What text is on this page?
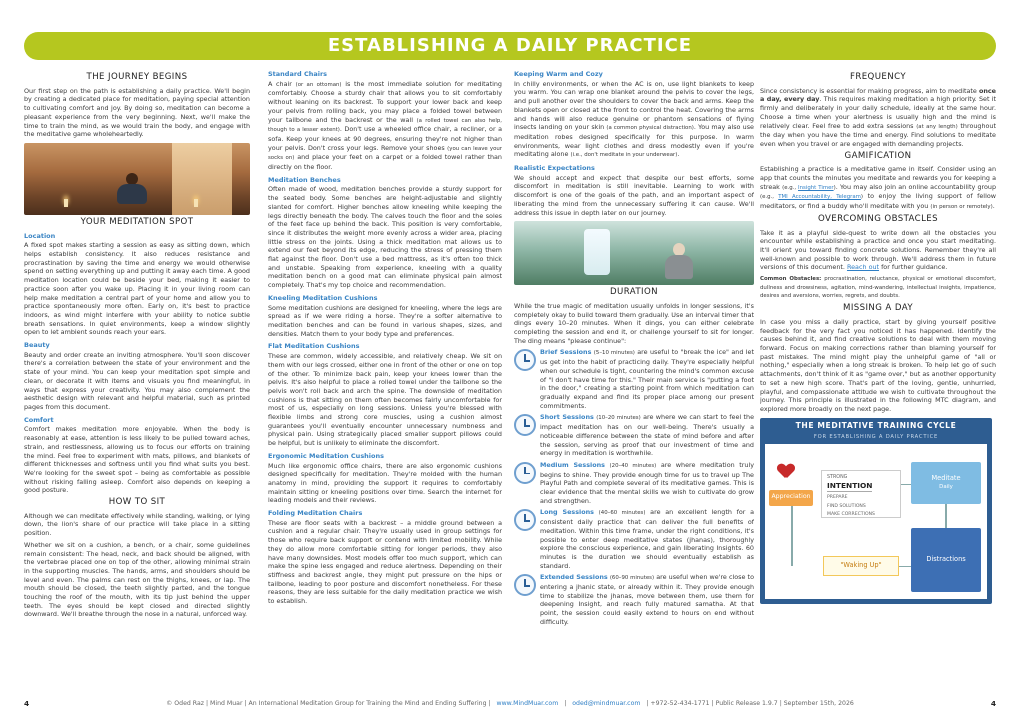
ESTABLISHING A DAILY PRACTICE
THE JOURNEY BEGINS

Our first step on the path is establishing a daily practice. We'll begin by creating a dedicated place for meditation, paying special attention to cultivating comfort and joy. By doing so, meditation can become a pleasant experience from the very beginning. Next, we'll make the time to train the mind, as we would train the body, and engage with the meditative game wholeheartedly.

YOUR MEDITATION SPOT
Location

A fixed spot makes starting a session as easy as sitting down, which helps establish consistency. It also reduces resistance and procrastination by saving the time and energy we would otherwise spend on setting everything up and putting it away each time. A good meditation location could be beside your bed, making it easier to practice soon after you wake up. Placing it in your living room can help make meditation a central part of your home and allow you to practice spontaneously more often. Early on, it's best to practice indoors, as wind might interfere with your ability to notice subtle breath sensations. In quiet environments, keep a window slightly open to let ambient sounds reach your ears.

Beauty

Beauty and order create an inviting atmosphere. You'll soon discover there's a correlation between the state of your environment and the state of your mind. You can keep your meditation spot simple and clean, or decorate it with items and visuals you find meaningful, in ways that express your creativity. You may also complement the aesthetic design with relevant and helpful material, such as printed pages from this document.

Comfort

Comfort makes meditation more enjoyable. When the body is reasonably at ease, attention is less likely to be pulled toward aches, strain, and restlessness, allowing us to focus our efforts on training the mind. Feel free to experiment with mats, pillows, and blankets of different thicknesses and softness until you find what suits you best. We're looking for the sweet spot – being as comfortable as possible without risking falling asleep. Comfort also depends on keeping a good posture.

HOW TO SIT

Although we can meditate effectively while standing, walking, or lying down, the lion's share of our practice will take place in a sitting position.

Whether we sit on a cushion, a bench, or a chair, some guidelines remain consistent: The head, neck, and back should be aligned, with the vertebrae placed one on top of the other, allowing minimal strain in the supporting muscles. The hands, arms, and shoulders should be level and even. The palms can rest on the thighs, knees, or lap. The mouth should be closed, the teeth slightly parted, and the tongue touching the roof of the mouth, with its tip just behind the upper teeth. The eyes should be kept closed and directed slightly downward. We'll breathe through the nose in a natural, unforced way.

Standard Chairs

A chair (or an ottoman) is the most immediate solution for meditating comfortably. Choose a sturdy chair that allows you to sit comfortably without leaning on its backrest. To support your lower back and keep your pelvis from rolling back, you may place a folded towel between your tailbone and the backrest or the wall (a rolled towel can also help, though to a lesser extent). Don't use a wheeled office chair, a recliner, or a sofa. Keep your knees at 90 degrees, ensuring they're not higher than your pelvis. Don't cross your legs. Remove your shoes (you can leave your socks on) and place your feet on a carpet or a folded towel rather than directly on the floor.

Meditation Benches

Often made of wood, meditation benches provide a sturdy support for the seated body. Some benches are height-adjustable and slightly slanted for comfort. Higher benches allow kneeling while keeping the legs directly beneath the body. The calves touch the floor and the soles of the feet face up behind the back. This position is very comfortable, since it distributes the weight more evenly across a wider area, placing little stress on the joints. Using a thick meditation mat allows us to extend our feet beyond its edge, reducing the stress of pressing them flat against the floor. Don't use a bed mattress, as it's often too thick and unstable. Speaking from experience, kneeling with a quality meditation bench on a good mat can eliminate physical pain almost completely. That's my top choice and recommendation.

Kneeling Meditation Cushions

Some meditation cushions are designed for kneeling, where the legs are spread as if we were riding a horse. They're a softer alternative to meditation benches and can be found in various shapes, sizes, and densities. Match them to your body type and preferences.

Flat Meditation Cushions

These are common, widely accessible, and relatively cheap. We sit on them with our legs crossed, either one in front of the other or one on top of the other. To minimize back pain, keep your knees lower than the pelvis. It's also helpful to place a rolled towel under the tailbone so the pelvis won't roll back and arch the spine. The downside of meditation cushions is that sitting on them often becomes fairly uncomfortable for most of us, especially on long sessions. Unless you're blessed with flexible limbs and strong core muscles, using a cushion almost guarantees you'll eventually encounter unnecessary numbness and physical pain. Using strategically placed smaller support pillows could be helpful, but is unlikely to eliminate the discomfort.

Ergonomic Meditation Cushions

Much like ergonomic office chairs, there are also ergonomic cushions designed specifically for meditation. They're molded with the human anatomy in mind, providing the support it requires to comfortably maintain sitting or kneeling positions over time. Search the internet for leading models and their reviews.

Folding Meditation Chairs

These are floor seats with a backrest – a middle ground between a cushion and a regular chair. They're usually used in group settings for those who require back support or contend with limited mobility. While they do allow more comfortable sitting for longer periods, they also have many downsides. Most models offer too much support, which can make the spine less engaged and reduce alertness. Depending on their stiffness and backrest angle, they might put pressure on the hips or tailbone, leading to poor posture and discomfort nonetheless. For these reasons, they are less suitable for the daily meditation practice we wish to establish.

Keeping Warm and Cozy

In chilly environments, or when the AC is on, use light blankets to keep you warm. You can wrap one blanket around the pelvis to cover the legs, and pull another over the shoulders to cover the back and arms. Keep the blankets open or closed at the front to control the heat. Covering the arms and hands will also reduce genuine or phantom sensations of flying insects landing on your skin (a common physical distraction). You may also use meditation robes designed specifically for this purpose. In warm environments, wear light clothes and dress modestly even if you're meditating alone (i.e., don't meditate in your underwear).

Realistic Expectations

We should accept and expect that despite our best efforts, some discomfort in meditation is still inevitable. Learning to work with discomfort is one of the goals of the path, and an important aspect of liberating the mind from the unnecessary suffering it can cause. We'll address this issue in depth later on our journey.

DURATION

While the true magic of meditation usually unfolds in longer sessions, it's completely okay to build toward them gradually. Use an interval timer that dings every 10–20 minutes. When it dings, you can either celebrate completing the session and end it, or challenge yourself to sit for longer. The ding means "please continue":

Brief Sessions (5–10 minutes) are useful to "break the ice" and let us get into the habit of practicing daily. They're especially helpful when our schedule is tight, countering the mind's common excuse of "I don't have time for this." Their main service is "putting a foot in the door," creating a starting point from which meditation can gradually expand and find its proper place among our present commitments.

Short Sessions (10–20 minutes) are where we can start to feel the impact meditation has on our well-being. There's usually a noticeable difference between the state of mind before and after the session, serving as proof that our investment of time and energy in meditation is worthwhile.

Medium Sessions (20–40 minutes) are where meditation truly begins to shine. They provide enough time for us to travel up The Playful Path and complete several of its meditative games. This is clear evidence that the mental skills we wish to cultivate do grow and strengthen.

Long Sessions (40–60 minutes) are an excellent length for a consistent daily practice that can deliver the full benefits of meditation. Within this time frame, under the right conditions, it's possible to enter deep meditative states (jhanas), thoroughly explore the conscious experience, and gain liberating Insights. 60 minutes is the duration we should eventually establish as standard.

Extended Sessions (60–90 minutes) are useful when we're close to entering a jhanic state, or already within it. They provide enough time to stabilize the jhanas, move between them, use them for deepening Insight, and reach fully matured samatha. At that point, the session could easily extend to hours on end without difficulty.

FREQUENCY

Since consistency is essential for making progress, aim to meditate once a day, every day. This requires making meditation a high priority. Set it firmly and deliberately in your daily schedule, ideally at the same hour. Choose a time when your alertness is usually high and the mind is relatively clear. Feel free to add extra sessions (at any length) throughout the day when you have the time and energy. Find solutions to meditate even when you travel or are engaged with demanding projects.

GAMIFICATION

Establishing a practice is a meditative game in itself. Consider using an app that counts the minutes you meditate and rewards you for keeping a streak (e.g., Insight Timer). You may also join an online accountability group (e.g., TMI Accountability, Telegram) to enjoy the living support of fellow meditators, or find a buddy who'll meditate with you (in person or remotely).

OVERCOMING OBSTACLES

Take it as a playful side-quest to write down all the obstacles you encounter while establishing a practice and once you start meditating. It'll orient you toward finding concrete solutions. Remember they're all well-known and possible to work through. We'll address them in future versions of this document. Reach out for further guidance.

Common Obstacles: procrastination, reluctance, physical or emotional discomfort, dullness and drowsiness, agitation, mind-wandering, intellectual insights, impatience, desires and aversions, worries, regrets, and doubts.

MISSING A DAY

In case you miss a daily practice, start by giving yourself positive feedback for the very fact you noticed it has happened. Identify the causes behind it, and find creative solutions to deal with them moving forward. Focus on making corrections rather than blaming yourself for past mistakes. The mind might play the unhelpful game of "all or nothing," especially when a long streak is broken. To help let go of such attachments, don't think of it as "game over," but as another opportunity to set a new high score. That's part of the loving, gentle, unhurried, playful, and compassionate attitude we wish to cultivate throughout the journey. This principle is illustrated in the following MTC diagram, and explored more broadly on the next page.

THE MEDITATIVE TRAINING CYCLE
FOR ESTABLISHING A DAILY PRACTICE
Appreciation
STRONG
INTENTION
PREPARE
FIND SOLUTIONS
MAKE CORRECTIONS
Meditate
Daily
Distractions
"Waking Up"
4	© Oded Raz | Mind Muar | An International Meditation Group for Training the Mind and Ending Suffering | www.MindMuar.com | oded@mindmuar.com | +972-52-434-1771 | Public Release 1.9.7 | September 15th, 2026	4
